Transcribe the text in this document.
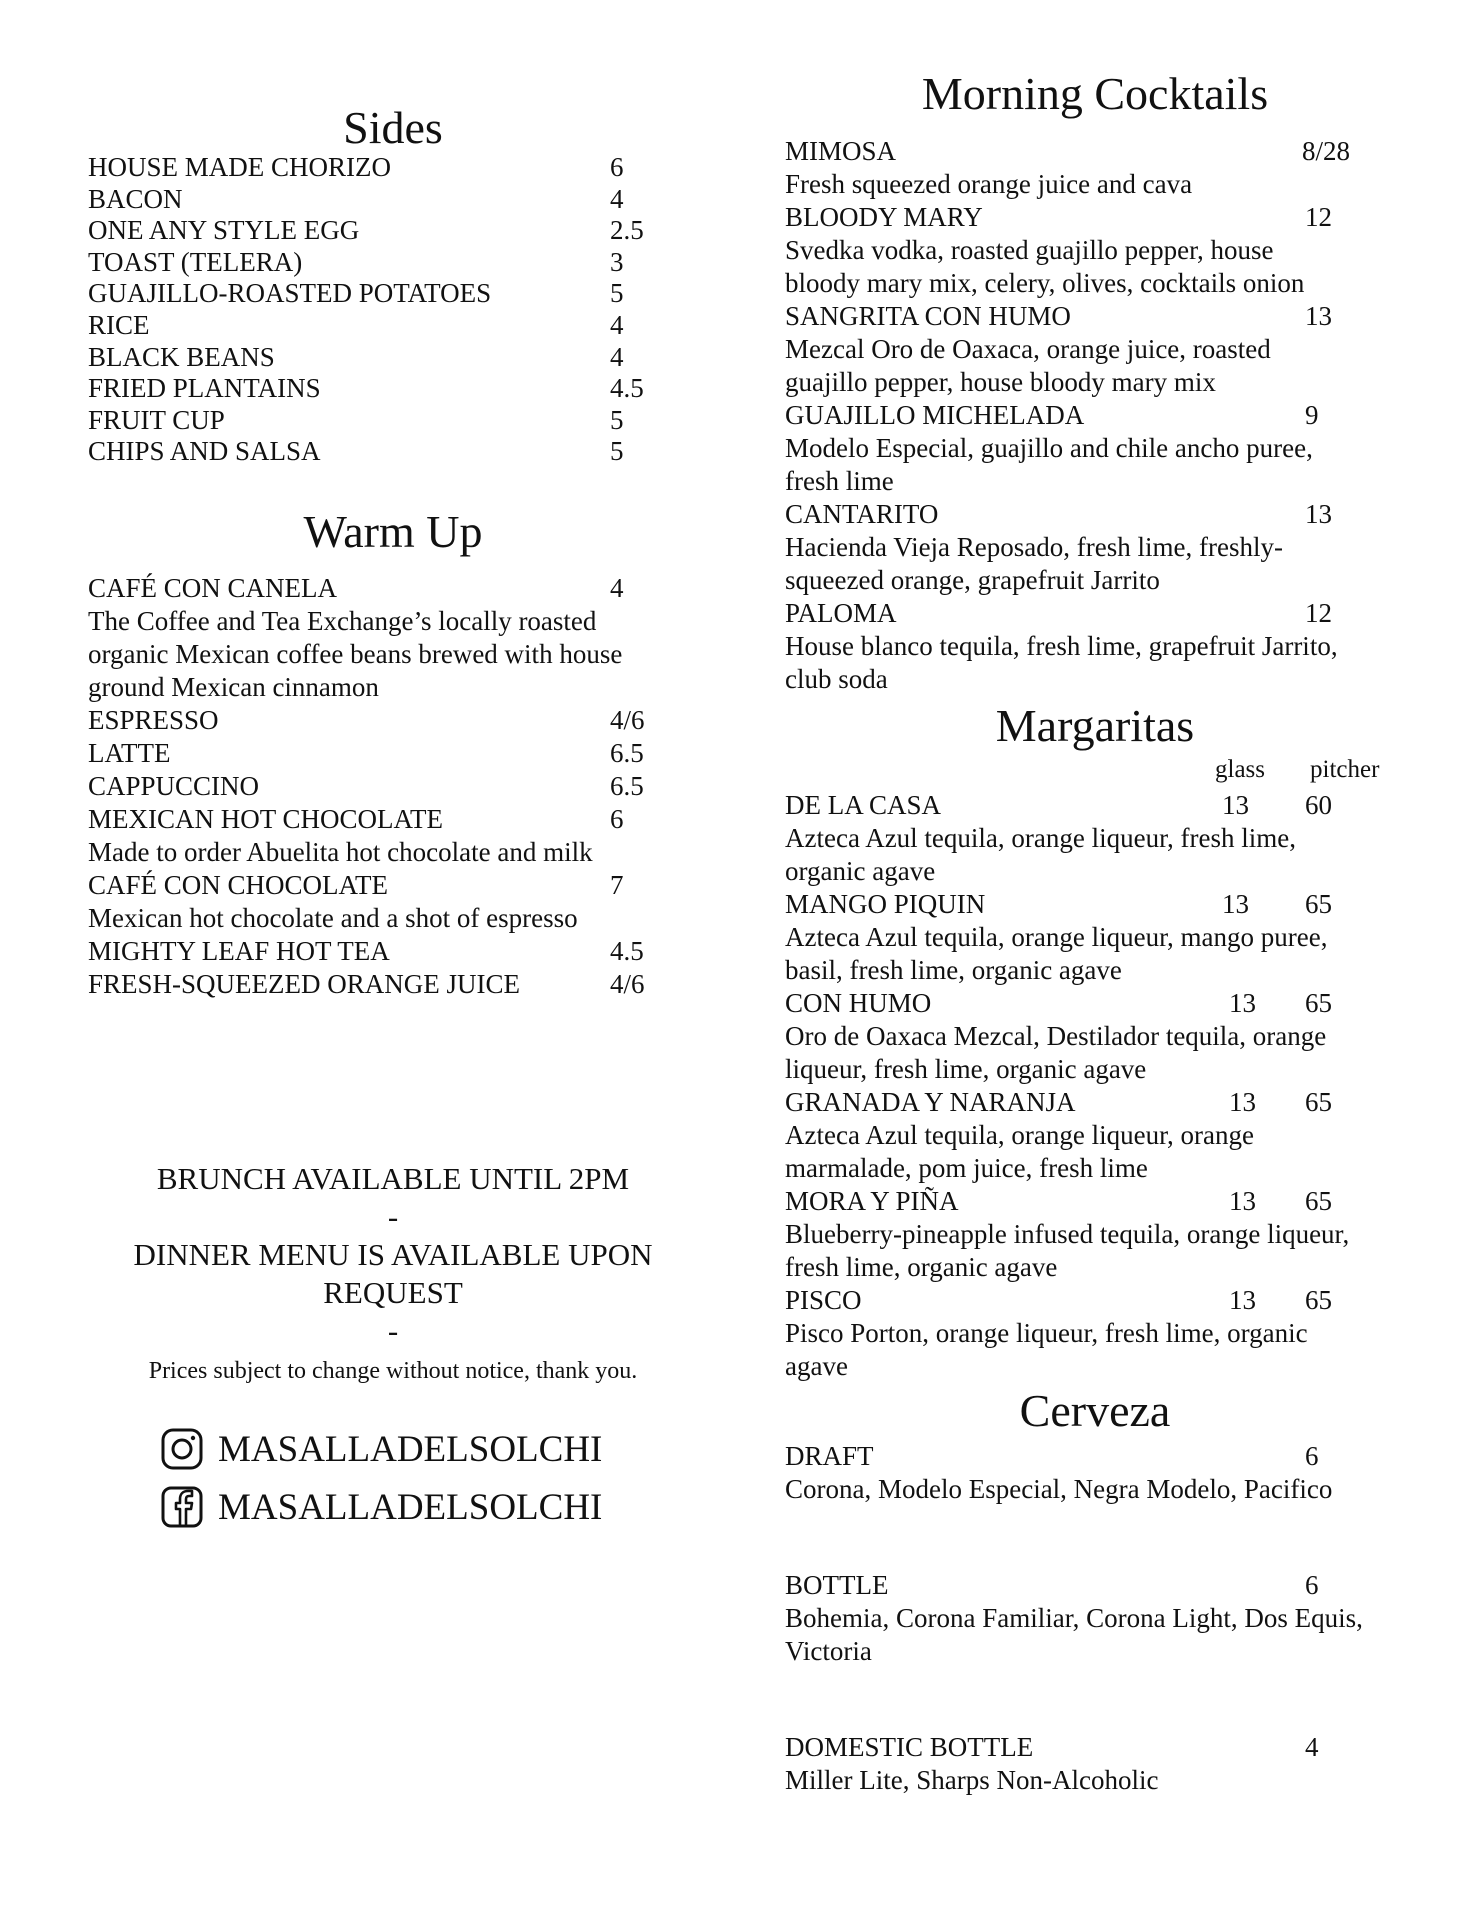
Sides
HOUSE MADE CHORIZO	6
BACON	4
ONE ANY STYLE EGG	2.5
TOAST (TELERA)	3
GUAJILLO-ROASTED POTATOES	5
RICE	4
BLACK BEANS	4
FRIED PLANTAINS	4.5
FRUIT CUP	5
CHIPS AND SALSA	5
Warm Up
CAFÉ CON CANELA	4
The Coffee and Tea Exchange’s locally roasted
organic Mexican coffee beans brewed with house
ground Mexican cinnamon
ESPRESSO	4/6
LATTE	6.5
CAPPUCCINO	6.5
MEXICAN HOT CHOCOLATE	6
Made to order Abuelita hot chocolate and milk
CAFÉ CON CHOCOLATE	7
Mexican hot chocolate and a shot of espresso
MIGHTY LEAF HOT TEA	4.5
FRESH-SQUEEZED ORANGE JUICE	4/6
BRUNCH AVAILABLE UNTIL 2PM
-
DINNER MENU IS AVAILABLE UPON
REQUEST
-
Prices subject to change without notice, thank you.
MASALLADELSOLCHI
MASALLADELSOLCHI
Morning Cocktails
MIMOSA	8/28
Fresh squeezed orange juice and cava
BLOODY MARY	12
Svedka vodka, roasted guajillo pepper, house
bloody mary mix, celery, olives, cocktails onion
SANGRITA CON HUMO	13
Mezcal Oro de Oaxaca, orange juice, roasted
guajillo pepper, house bloody mary mix
GUAJILLO MICHELADA	9
Modelo Especial, guajillo and chile ancho puree,
fresh lime
CANTARITO	13
Hacienda Vieja Reposado, fresh lime, freshly-
squeezed orange, grapefruit Jarrito
PALOMA	12
House blanco tequila, fresh lime, grapefruit Jarrito,
club soda
Margaritas
glass pitcher
DE LA CASA	13 60
Azteca Azul tequila, orange liqueur, fresh lime,
organic agave
MANGO PIQUIN	13 65
Azteca Azul tequila, orange liqueur, mango puree,
basil, fresh lime, organic agave
CON HUMO	13 65
Oro de Oaxaca Mezcal, Destilador tequila, orange
liqueur, fresh lime, organic agave
GRANADA Y NARANJA	13 65
Azteca Azul tequila, orange liqueur, orange
marmalade, pom juice, fresh lime
MORA Y PIÑA	13 65
Blueberry-pineapple infused tequila, orange liqueur,
fresh lime, organic agave
PISCO	13 65
Pisco Porton, orange liqueur, fresh lime, organic
agave
Cerveza
DRAFT	6
Corona, Modelo Especial, Negra Modelo, Pacifico
BOTTLE	6
Bohemia, Corona Familiar, Corona Light, Dos Equis,
Victoria
DOMESTIC BOTTLE	4
Miller Lite, Sharps Non-Alcoholic
